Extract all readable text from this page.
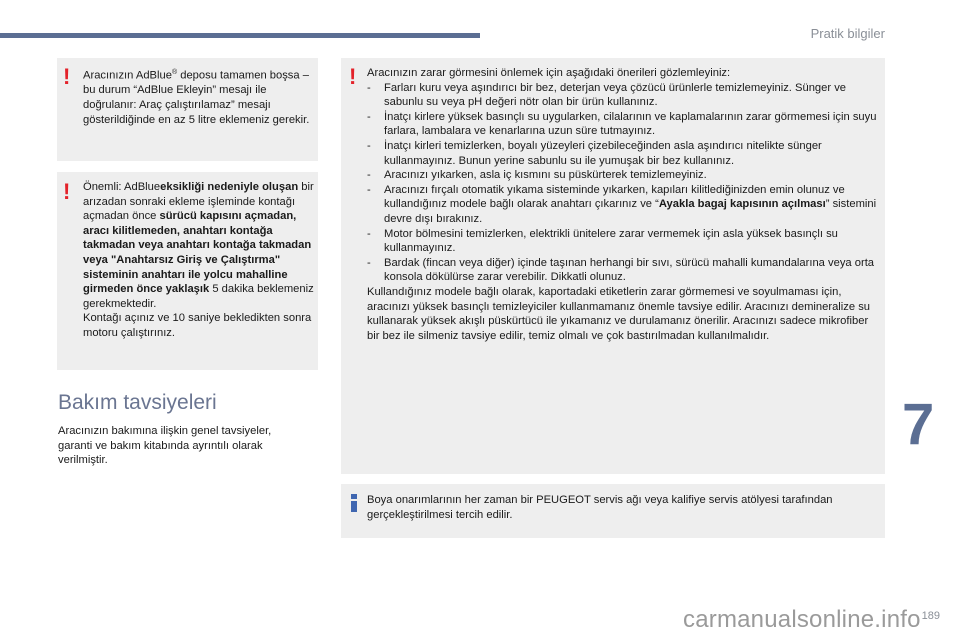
Pratik bilgiler
! Aracınızın AdBlue® deposu tamamen boşsa – bu durum “AdBlue Ekleyin” mesajı ile doğrulanır: Araç çalıştırılamaz” mesajı gösterildiğinde en az 5 litre eklemeniz gerekir.
! Önemli: AdBlueeksikliği nedeniyle oluşan bir arızadan sonraki ekleme işleminde kontağı açmadan önce sürücü kapısını açmadan, aracı kilitlemeden, anahtarı kontağa takmadan veya anahtarı kontağa takmadan veya "Anahtarsız Giriş ve Çalıştırma" sisteminin anahtarı ile yolcu mahalline girmeden önce yaklaşık 5 dakika beklemeniz gerekmektedir.
Kontağı açınız ve 10 saniye bekledikten sonra motoru çalıştırınız.
Bakım tavsiyeleri
Aracınızın bakımına ilişkin genel tavsiyeler, garanti ve bakım kitabında ayrıntılı olarak verilmiştir.
! Aracınızın zarar görmesini önlemek için aşağıdaki önerileri gözlemleyiniz:
- Farları kuru veya aşındırıcı bir bez, deterjan veya çözücü ürünlerle temizlemeyiniz. Sünger ve sabunlu su veya pH değeri nötr olan bir ürün kullanınız.
- İnatçı kirlere yüksek basınçlı su uygularken, cilalarının ve kaplamalarının zarar görmemesi için suyu farlara, lambalara ve kenarlarına uzun süre tutmayınız.
- İnatçı kirleri temizlerken, boyalı yüzeyleri çizebileceğinden asla aşındırıcı nitelikte sünger kullanmayınız. Bunun yerine sabunlu su ile yumuşak bir bez kullanınız.
- Aracınızı yıkarken, asla iç kısmını su püskürterek temizlemeyiniz.
- Aracınızı fırçalı otomatik yıkama sisteminde yıkarken, kapıları kilitlediğinizden emin olunuz ve kullandığınız modele bağlı olarak anahtarı çıkarınız ve “Ayakla bagaj kapısının açılması” sistemini devre dışı bırakınız.
- Motor bölmesini temizlerken, elektrikli ünitelere zarar vermemek için asla yüksek basınçlı su kullanmayınız.
- Bardak (fincan veya diğer) içinde taşınan herhangi bir sıvı, sürücü mahalli kumandalarına veya orta konsola dökülürse zarar verebilir. Dikkatli olunuz.
Kullandığınız modele bağlı olarak, kaportadaki etiketlerin zarar görmemesi ve soyulmaması için, aracınızı yüksek basınçlı temizleyiciler kullanmamanız önemle tavsiye edilir. Aracınızı demineralize su kullanarak yüksek akışlı püskürtücü ile yıkamanız ve durulamanız önerilir. Aracınızı sadece mikrofiber bir bez ile silmeniz tavsiye edilir, temiz olmalı ve çok bastırılmadan kullanılmalıdır.
Boya onarımlarının her zaman bir PEUGEOT servis ağı veya kalifiye servis atölyesi tarafından gerçekleştirilmesi tercih edilir.
7
189
carmanualsonline.info
